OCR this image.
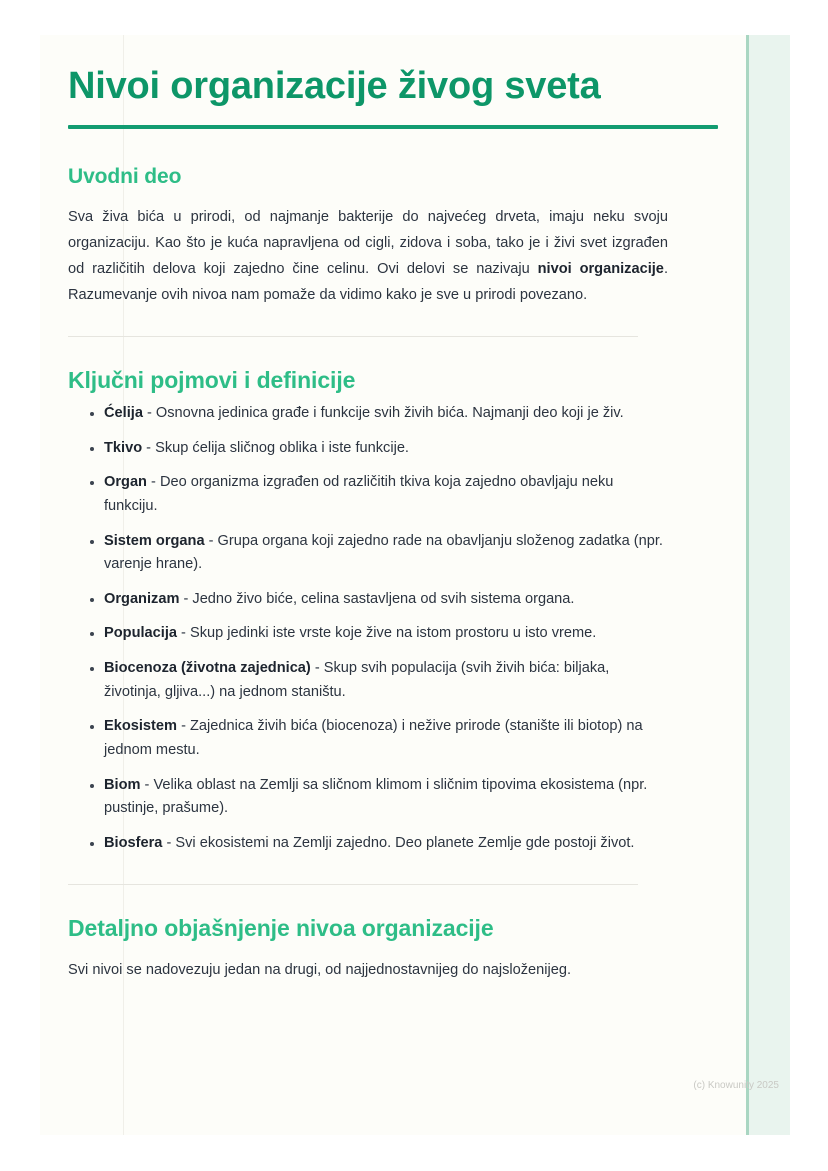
Nivoi organizacije živog sveta
Uvodni deo

Sva živa bića u prirodi, od najmanje bakterije do najvećeg drveta, imaju neku svoju organizaciju. Kao što je kuća napravljena od cigli, zidova i soba, tako je i živi svet izgrađen od različitih delova koji zajedno čine celinu. Ovi delovi se nazivaju nivoi organizacije. Razumevanje ovih nivoa nam pomaže da vidimo kako je sve u prirodi povezano.

Ključni pojmovi i definicije
Ćelija - Osnovna jedinica građe i funkcije svih živih bića. Najmanji deo koji je živ.
Tkivo - Skup ćelija sličnog oblika i iste funkcije.
Organ - Deo organizma izgrađen od različitih tkiva koja zajedno obavljaju neku funkciju.
Sistem organa - Grupa organa koji zajedno rade na obavljanju složenog zadatka (npr. varenje hrane).
Organizam - Jedno živo biće, celina sastavljena od svih sistema organa.
Populacija - Skup jedinki iste vrste koje žive na istom prostoru u isto vreme.
Biocenoza (životna zajednica) - Skup svih populacija (svih živih bića: biljaka, životinja, gljiva...) na jednom staništu.
Ekosistem - Zajednica živih bića (biocenoza) i nežive prirode (stanište ili biotop) na jednom mestu.
Biom - Velika oblast na Zemlji sa sličnom klimom i sličnim tipovima ekosistema (npr. pustinje, prašume).
Biosfera - Svi ekosistemi na Zemlji zajedno. Deo planete Zemlje gde postoji život.
Detaljno objašnjenje nivoa organizacije

Svi nivoi se nadovezuju jedan na drugi, od najjednostavnijeg do najsloženijeg.

(c) Knowunity 2025
